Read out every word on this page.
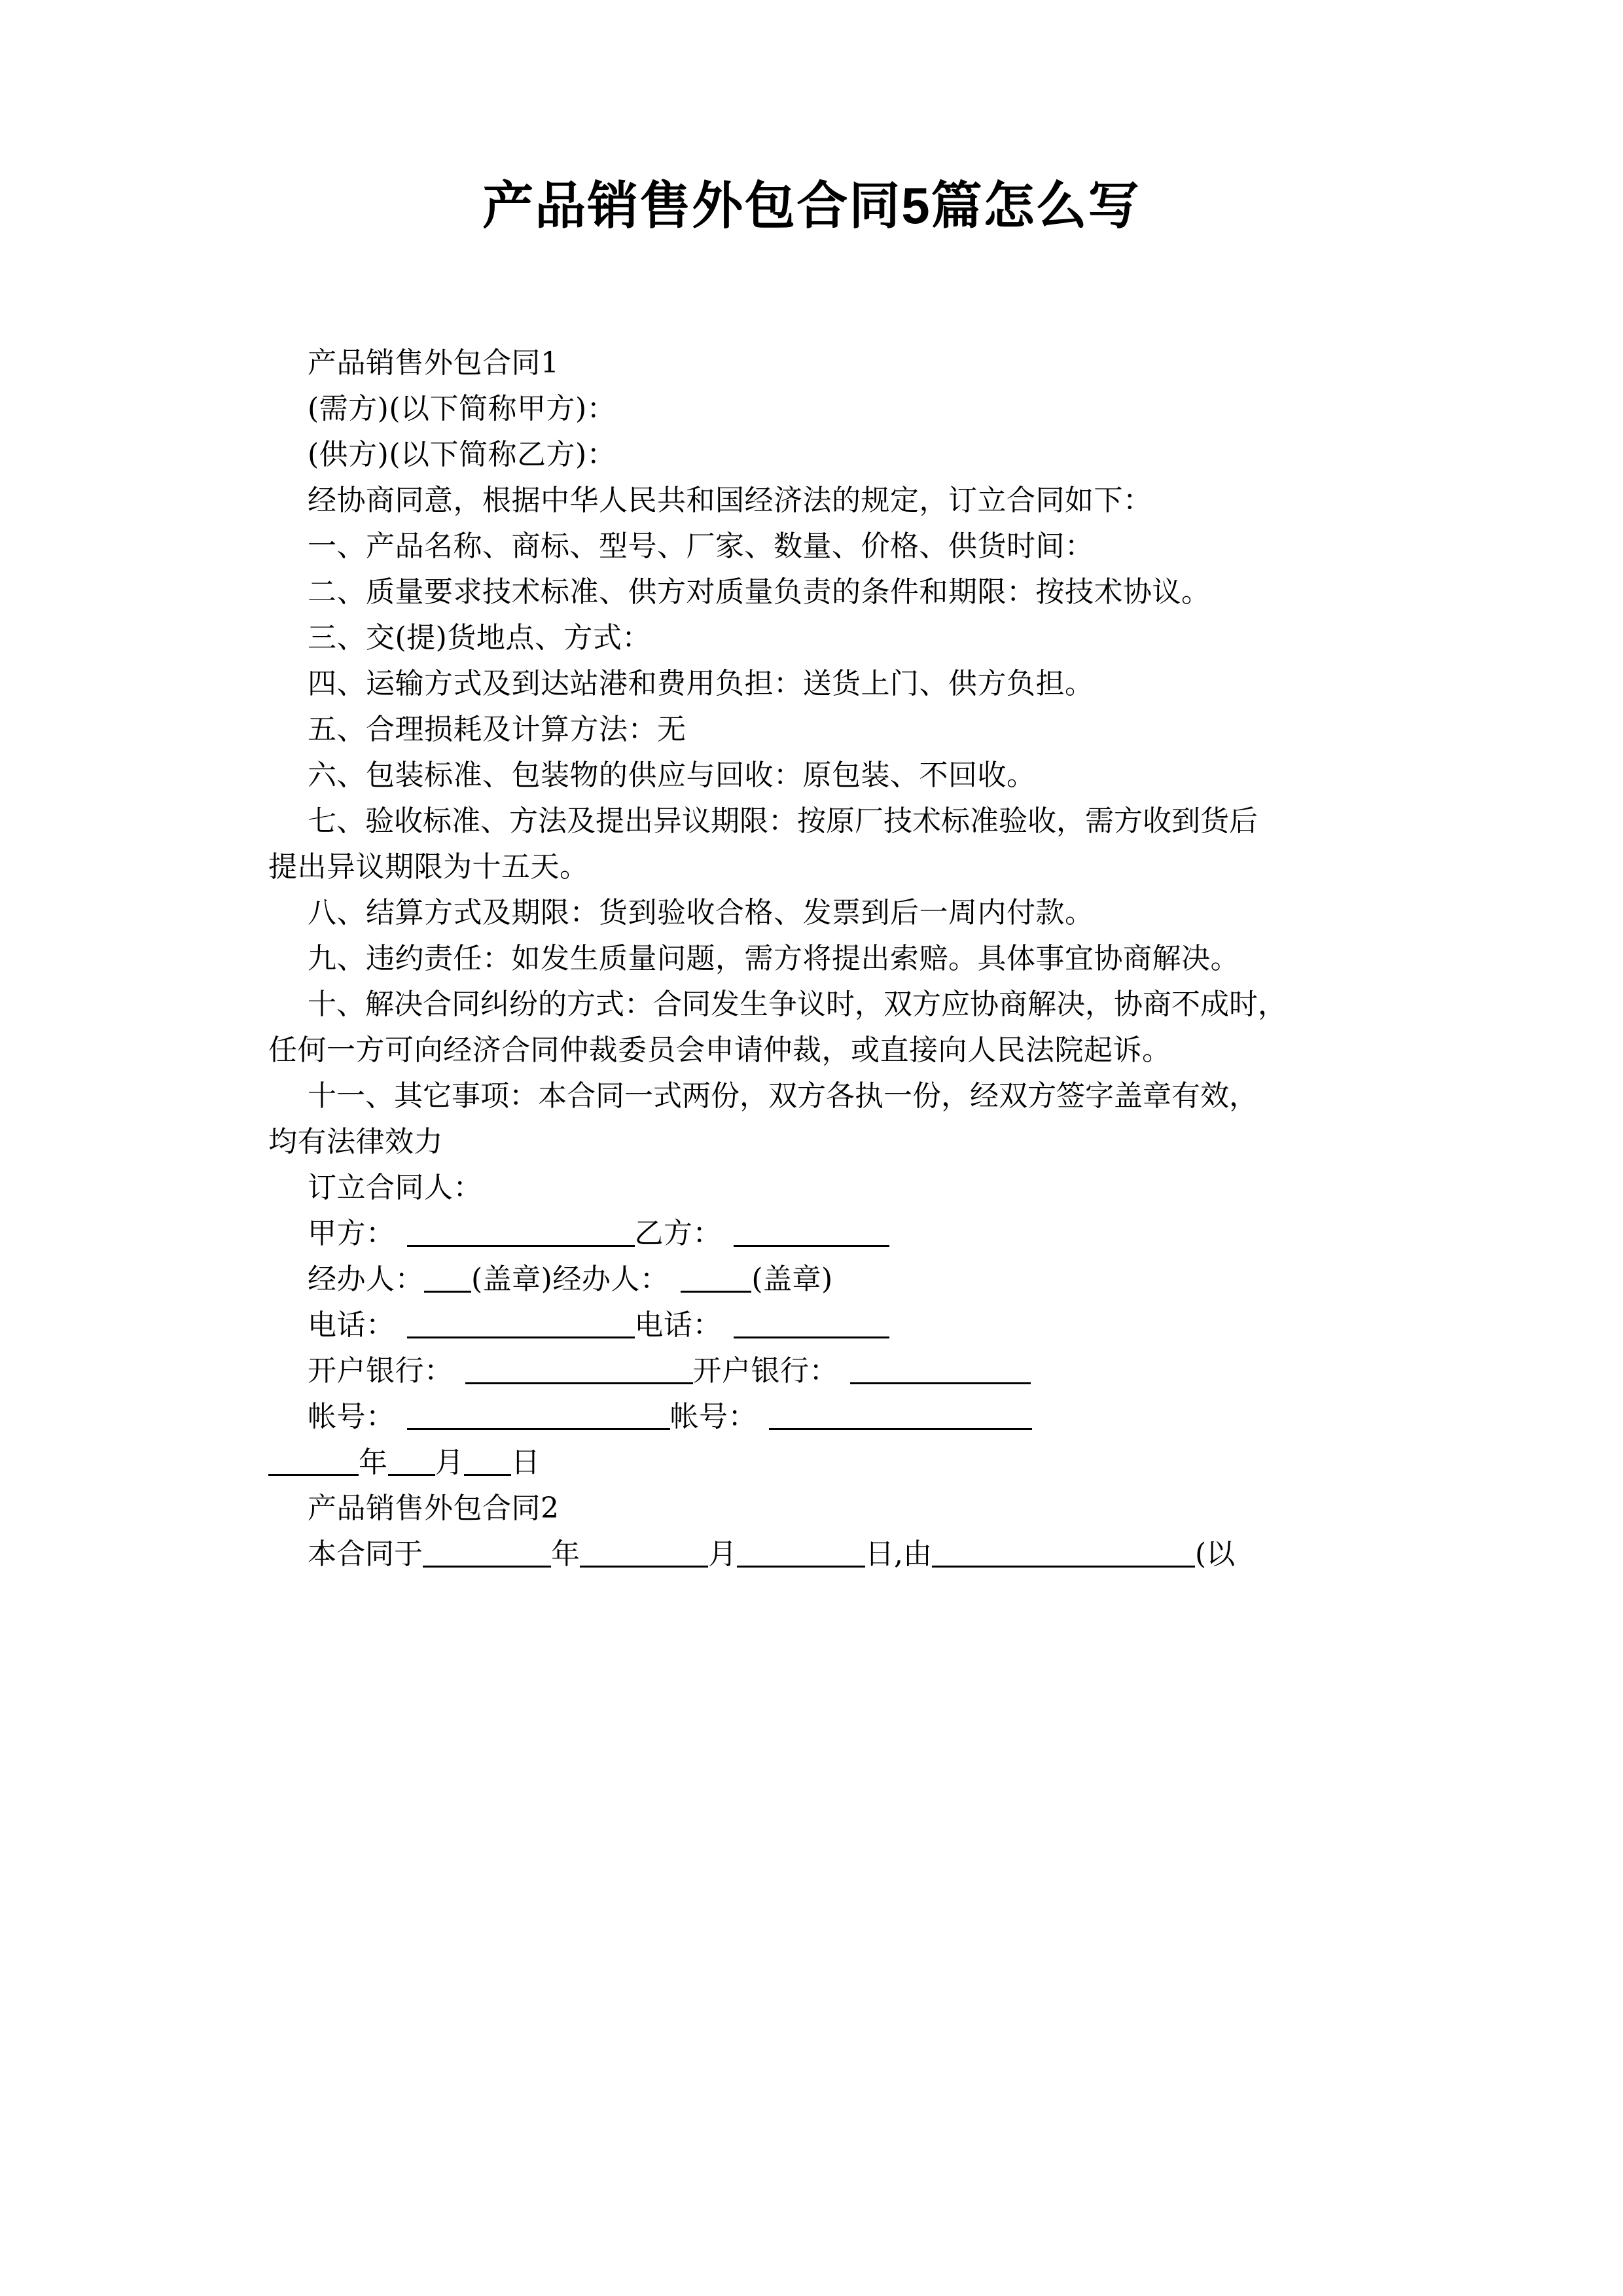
产品销售外包合同5篇怎么写
产品销售外包合同1
(需方)(以下简称甲方)：
(供方)(以下简称乙方)：
经协商同意，根据中华人民共和国经济法的规定，订立合同如下：
一、产品名称、商标、型号、厂家、数量、价格、供货时间：
二、质量要求技术标准、供方对质量负责的条件和期限：按技术协议。
三、交(提)货地点、方式：
四、运输方式及到达站港和费用负担：送货上门、供方负担。
五、合理损耗及计算方法：无
六、包装标准、包装物的供应与回收：原包装、不回收。
七、验收标准、方法及提出异议期限：按原厂技术标准验收，需方收到货后
提出异议期限为十五天。
八、结算方式及期限：货到验收合格、发票到后一周内付款。
九、违约责任：如发生质量问题，需方将提出索赔。具体事宜协商解决。
十、解决合同纠纷的方式：合同发生争议时，双方应协商解决，协商不成时，
任何一方可向经济合同仲裁委员会申请仲裁，或直接向人民法院起诉。
十一、其它事项：本合同一式两份，双方各执一份，经双方签字盖章有效，
均有法律效力
订立合同人：
甲方：	乙方：
经办人： (盖章)经办人：	(盖章)
电话：	电话：
开户银行：	开户银行：
帐号：	帐号：
年 月 日
产品销售外包合同2
本合同于	年	月	日,由	(以
